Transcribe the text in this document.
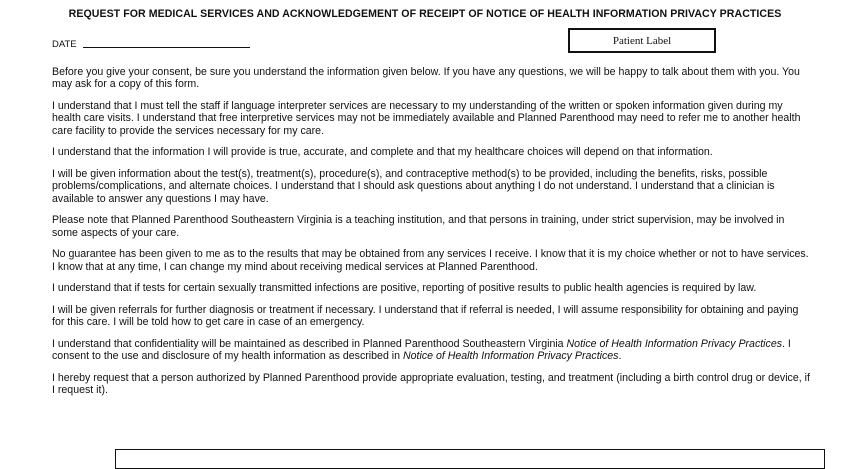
REQUEST FOR MEDICAL SERVICES AND ACKNOWLEDGEMENT OF RECEIPT OF NOTICE OF HEALTH INFORMATION PRIVACY PRACTICES
DATE	Patient Label

Before you give your consent, be sure you understand the information given below. If you have any questions, we will be happy to talk about them with you. You may ask for a copy of this form.

I understand that I must tell the staff if language interpreter services are necessary to my understanding of the written or spoken information given during my health care visits. I understand that free interpretive services may not be immediately available and Planned Parenthood may need to refer me to another health care facility to provide the services necessary for my care.

I understand that the information I will provide is true, accurate, and complete and that my healthcare choices will depend on that information.

I will be given information about the test(s), treatment(s), procedure(s), and contraceptive method(s) to be provided, including the benefits, risks, possible problems/complications, and alternate choices. I understand that I should ask questions about anything I do not understand. I understand that a clinician is available to answer any questions I may have.

Please note that Planned Parenthood Southeastern Virginia is a teaching institution, and that persons in training, under strict supervision, may be involved in some aspects of your care.

No guarantee has been given to me as to the results that may be obtained from any services I receive. I know that it is my choice whether or not to have services. I know that at any time, I can change my mind about receiving medical services at Planned Parenthood.

I understand that if tests for certain sexually transmitted infections are positive, reporting of positive results to public health agencies is required by law.

I will be given referrals for further diagnosis or treatment if necessary. I understand that if referral is needed, I will assume responsibility for obtaining and paying for this care. I will be told how to get care in case of an emergency.

I understand that confidentiality will be maintained as described in Planned Parenthood Southeastern Virginia Notice of Health Information Privacy Practices. I consent to the use and disclosure of my health information as described in Notice of Health Information Privacy Practices.

I hereby request that a person authorized by Planned Parenthood provide appropriate evaluation, testing, and treatment (including a birth control drug or device, if I request it).
